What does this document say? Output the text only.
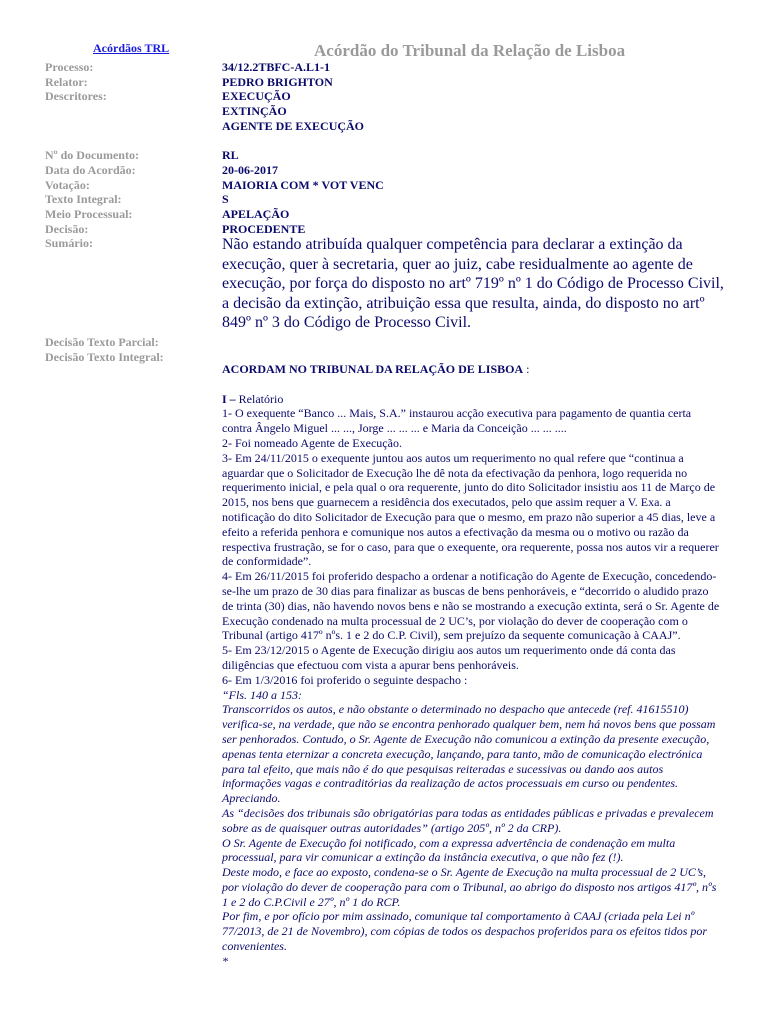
Acórdãos TRL	Acórdão do Tribunal da Relação de Lisboa
Processo:	34/12.2TBFC-A.L1-1
Relator:	PEDRO BRIGHTON
Descritores:	EXECUÇÃO
EXTINÇÃO
AGENTE DE EXECUÇÃO

Nº do Documento:	RL
Data do Acordão:	20-06-2017
Votação:	MAIORIA COM * VOT VENC
Texto Integral:	S
Meio Processual:	APELAÇÃO
Decisão:	PROCEDENTE
Sumário:	Não estando atribuída qualquer competência para declarar a extinção da execução, quer à secretaria, quer ao juiz, cabe residualmente ao agente de execução, por força do disposto no artº 719º nº 1 do Código de Processo Civil, a decisão da extinção, atribuição essa que resulta, ainda, do disposto no artº 849º nº 3 do Código de Processo Civil.
Decisão Texto Parcial:
Decisão Texto Integral:

ACORDAM NO TRIBUNAL DA RELAÇÃO DE LISBOA :

I – Relatório

1- O exequente “Banco ... Mais, S.A.” instaurou acção executiva para pagamento de quantia certa contra Ângelo Miguel ... ..., Jorge ... ... ... e Maria da Conceição ... ... ....

2- Foi nomeado Agente de Execução.

3- Em 24/11/2015 o exequente juntou aos autos um requerimento no qual refere que “continua a aguardar que o Solicitador de Execução lhe dê nota da efectivação da penhora, logo requerida no requerimento inicial, e pela qual o ora requerente, junto do dito Solicitador insistiu aos 11 de Março de 2015, nos bens que guarnecem a residência dos executados, pelo que assim requer a V. Exa. a notificação do dito Solicitador de Execução para que o mesmo, em prazo não superior a 45 dias, leve a efeito a referida penhora e comunique nos autos a efectivação da mesma ou o motivo ou razão da respectiva frustração, se for o caso, para que o exequente, ora requerente, possa nos autos vir a requerer de conformidade”.

4- Em 26/11/2015 foi proferido despacho a ordenar a notificação do Agente de Execução, concedendo-se-lhe um prazo de 30 dias para finalizar as buscas de bens penhoráveis, e “decorrido o aludido prazo de trinta (30) dias, não havendo novos bens e não se mostrando a execução extinta, será o Sr. Agente de Execução condenado na multa processual de 2 UC’s, por violação do dever de cooperação com o Tribunal (artigo 417º nºs. 1 e 2 do C.P. Civil), sem prejuízo da sequente comunicação à CAAJ”.

5- Em 23/12/2015 o Agente de Execução dirigiu aos autos um requerimento onde dá conta das diligências que efectuou com vista a apurar bens penhoráveis.

6- Em 1/3/2016 foi proferido o seguinte despacho :

“Fls. 140 a 153:

Transcorridos os autos, e não obstante o determinado no despacho que antecede (ref. 41615510) verifica-se, na verdade, que não se encontra penhorado qualquer bem, nem há novos bens que possam ser penhorados. Contudo, o Sr. Agente de Execução não comunicou a extinção da presente execução, apenas tenta eternizar a concreta execução, lançando, para tanto, mão de comunicação electrónica para tal efeito, que mais não é do que pesquisas reiteradas e sucessivas ou dando aos autos informações vagas e contraditórias da realização de actos processuais em curso ou pendentes.

Apreciando.

As “decisões dos tribunais são obrigatórias para todas as entidades públicas e privadas e prevalecem sobre as de quaisquer outras autoridades” (artigo 205º, nº 2 da CRP).

O Sr. Agente de Execução foi notificado, com a expressa advertência de condenação em multa processual, para vir comunicar a extinção da instância executiva, o que não fez (!).

Deste modo, e face ao exposto, condena-se o Sr. Agente de Execução na multa processual de 2 UC’s, por violação do dever de cooperação para com o Tribunal, ao abrigo do disposto nos artigos 417º, nºs 1 e 2 do C.P.Civil e 27º, nº 1 do RCP.

Por fim, e por ofício por mim assinado, comunique tal comportamento à CAAJ (criada pela Lei nº 77/2013, de 21 de Novembro), com cópias de todos os despachos proferidos para os efeitos tidos por convenientes.

*
